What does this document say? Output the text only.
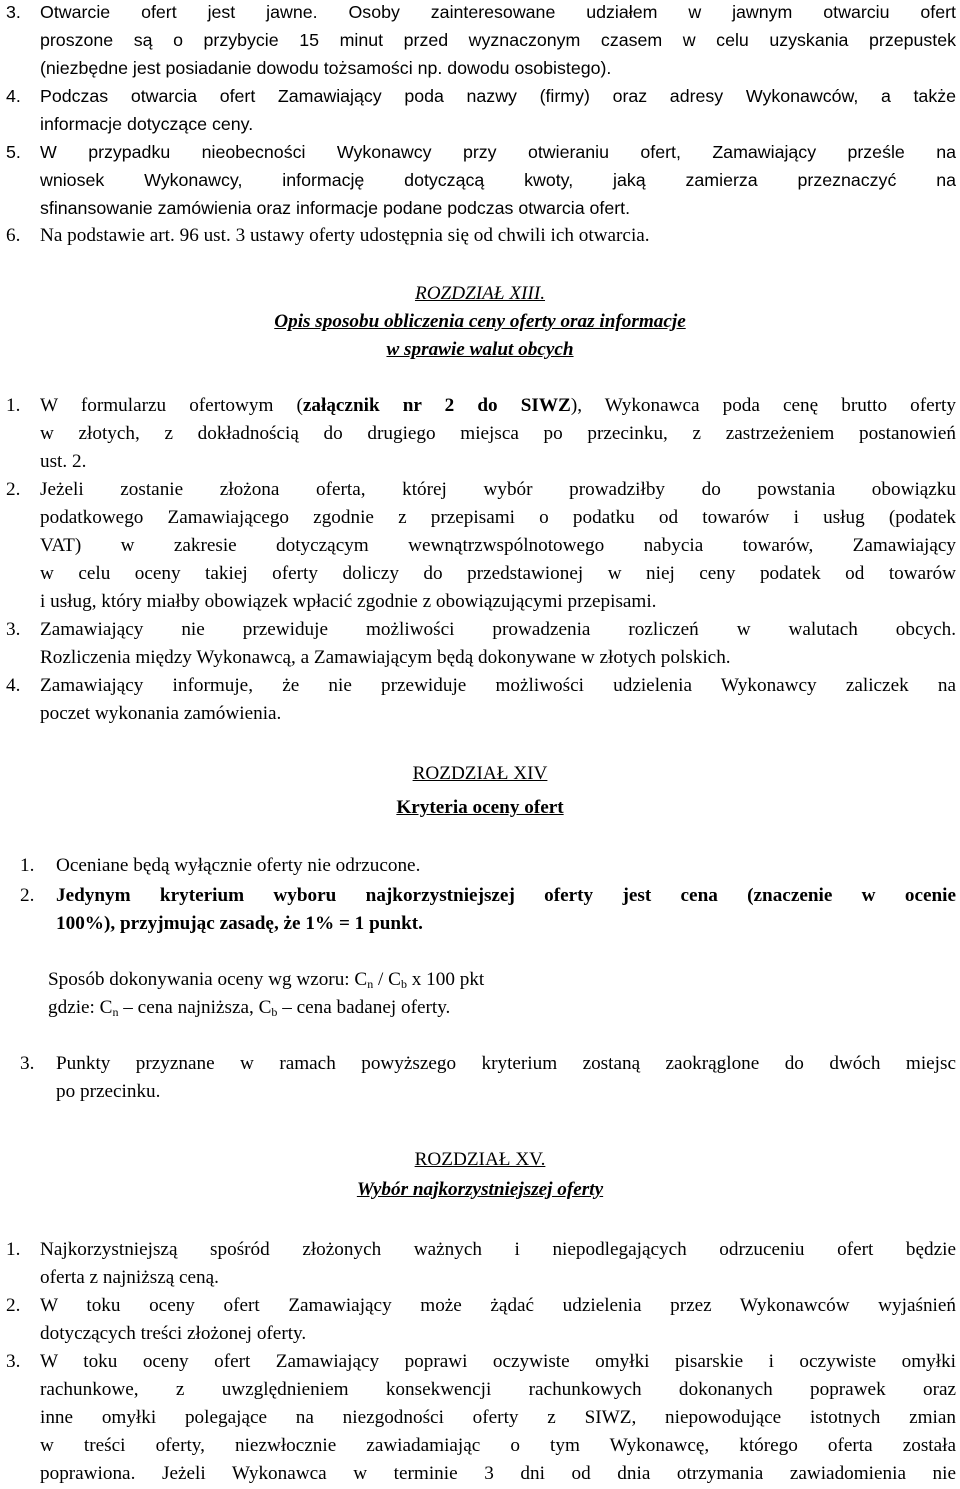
3. Otwarcie ofert jest jawne. Osoby zainteresowane udziałem w jawnym otwarciu ofert
proszone są o przybycie 15 minut przed wyznaczonym czasem w celu uzyskania przepustek
(niezbędne jest posiadanie dowodu tożsamości np. dowodu osobistego).
4. Podczas otwarcia ofert Zamawiający poda nazwy (firmy) oraz adresy Wykonawców, a także
informacje dotyczące ceny.
5. W przypadku nieobecności Wykonawcy przy otwieraniu ofert, Zamawiający prześle na
wniosek Wykonawcy, informację dotyczącą kwoty, jaką zamierza przeznaczyć na
sfinansowanie zamówienia oraz informacje podane podczas otwarcia ofert.
6. Na podstawie art. 96 ust. 3 ustawy oferty udostępnia się od chwili ich otwarcia.
ROZDZIAŁ XIII.
Opis sposobu obliczenia ceny oferty oraz informacje
w sprawie walut obcych
1. W formularzu ofertowym (załącznik nr 2 do SIWZ), Wykonawca poda cenę brutto oferty
w złotych, z dokładnością do drugiego miejsca po przecinku, z zastrzeżeniem postanowień
ust. 2.
2. Jeżeli zostanie złożona oferta, której wybór prowadziłby do powstania obowiązku
podatkowego Zamawiającego zgodnie z przepisami o podatku od towarów i usług (podatek
VAT) w zakresie dotyczącym wewnątrzwspólnotowego nabycia towarów, Zamawiający
w celu oceny takiej oferty doliczy do przedstawionej w niej ceny podatek od towarów
i usług, który miałby obowiązek wpłacić zgodnie z obowiązującymi przepisami.
3. Zamawiający nie przewiduje możliwości prowadzenia rozliczeń w walutach obcych.
Rozliczenia między Wykonawcą, a Zamawiającym będą dokonywane w złotych polskich.
4. Zamawiający informuje, że nie przewiduje możliwości udzielenia Wykonawcy zaliczek na
poczet wykonania zamówienia.
ROZDZIAŁ XIV
Kryteria oceny ofert
1. Oceniane będą wyłącznie oferty nie odrzucone.
2. Jedynym kryterium wyboru najkorzystniejszej oferty jest cena (znaczenie w ocenie
100%), przyjmując zasadę, że 1% = 1 punkt.
Sposób dokonywania oceny wg wzoru: $C_n / C_b$ x 100 pkt
gdzie: $C_n$ – cena najniższa, $C_b$ – cena badanej oferty.
3. Punkty przyznane w ramach powyższego kryterium zostaną zaokrąglone do dwóch miejsc
po przecinku.
ROZDZIAŁ XV.
Wybór najkorzystniejszej oferty
1. Najkorzystniejszą spośród złożonych ważnych i niepodlegających odrzuceniu ofert będzie
oferta z najniższą ceną.
2. W toku oceny ofert Zamawiający może żądać udzielenia przez Wykonawców wyjaśnień
dotyczących treści złożonej oferty.
3. W toku oceny ofert Zamawiający poprawi oczywiste omyłki pisarskie i oczywiste omyłki
rachunkowe, z uwzględnieniem konsekwencji rachunkowych dokonanych poprawek oraz
inne omyłki polegające na niezgodności oferty z SIWZ, niepowodujące istotnych zmian
w treści oferty, niezwłocznie zawiadamiając o tym Wykonawcę, którego oferta została
poprawiona. Jeżeli Wykonawca w terminie 3 dni od dnia otrzymania zawiadomienia nie
